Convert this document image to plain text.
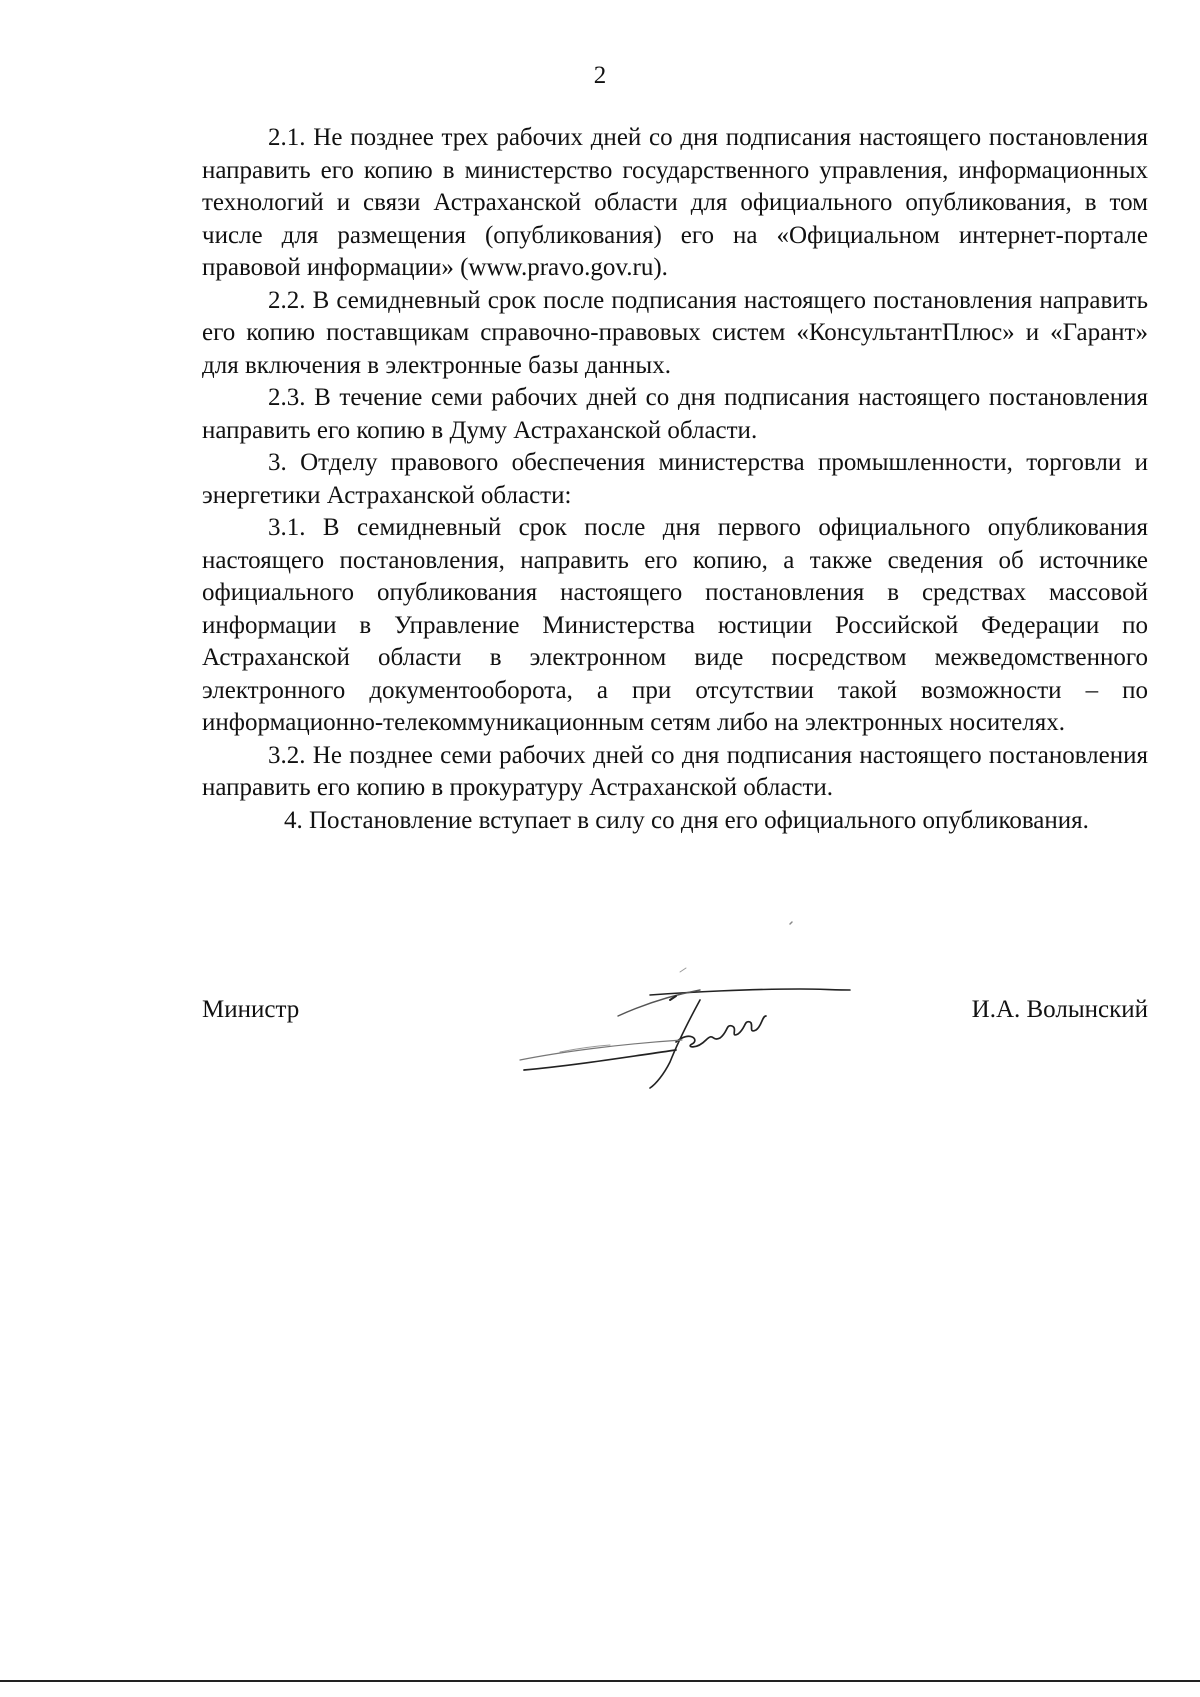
2

2.1. Не позднее трех рабочих дней со дня подписания настоящего постановления направить его копию в министерство государственного управления, информационных технологий и связи Астраханской области для официального опубликования, в том числе для размещения (опубликования) его на «Официальном интернет-портале правовой информации» (www.pravo.gov.ru).

2.2. В семидневный срок после подписания настоящего постановления направить его копию поставщикам справочно-правовых систем «КонсультантПлюс» и «Гарант» для включения в электронные базы данных.

2.3. В течение семи рабочих дней со дня подписания настоящего постановления направить его копию в Думу Астраханской области.

3. Отделу правового обеспечения министерства промышленности, торговли и энергетики Астраханской области:

3.1. В семидневный срок после дня первого официального опубликования настоящего постановления, направить его копию, а также сведения об источнике официального опубликования настоящего постановления в средствах массовой информации в Управление Министерства юстиции Российской Федерации по Астраханской области в электронном виде посредством межведомственного электронного документооборота, а при отсутствии такой возможности – по информационно-телекоммуникационным сетям либо на электронных носителях.

3.2. Не позднее семи рабочих дней со дня подписания настоящего постановления направить его копию в прокуратуру Астраханской области.

4. Постановление вступает в силу со дня его официального опубликования.

Министр	И.А. Волынский
